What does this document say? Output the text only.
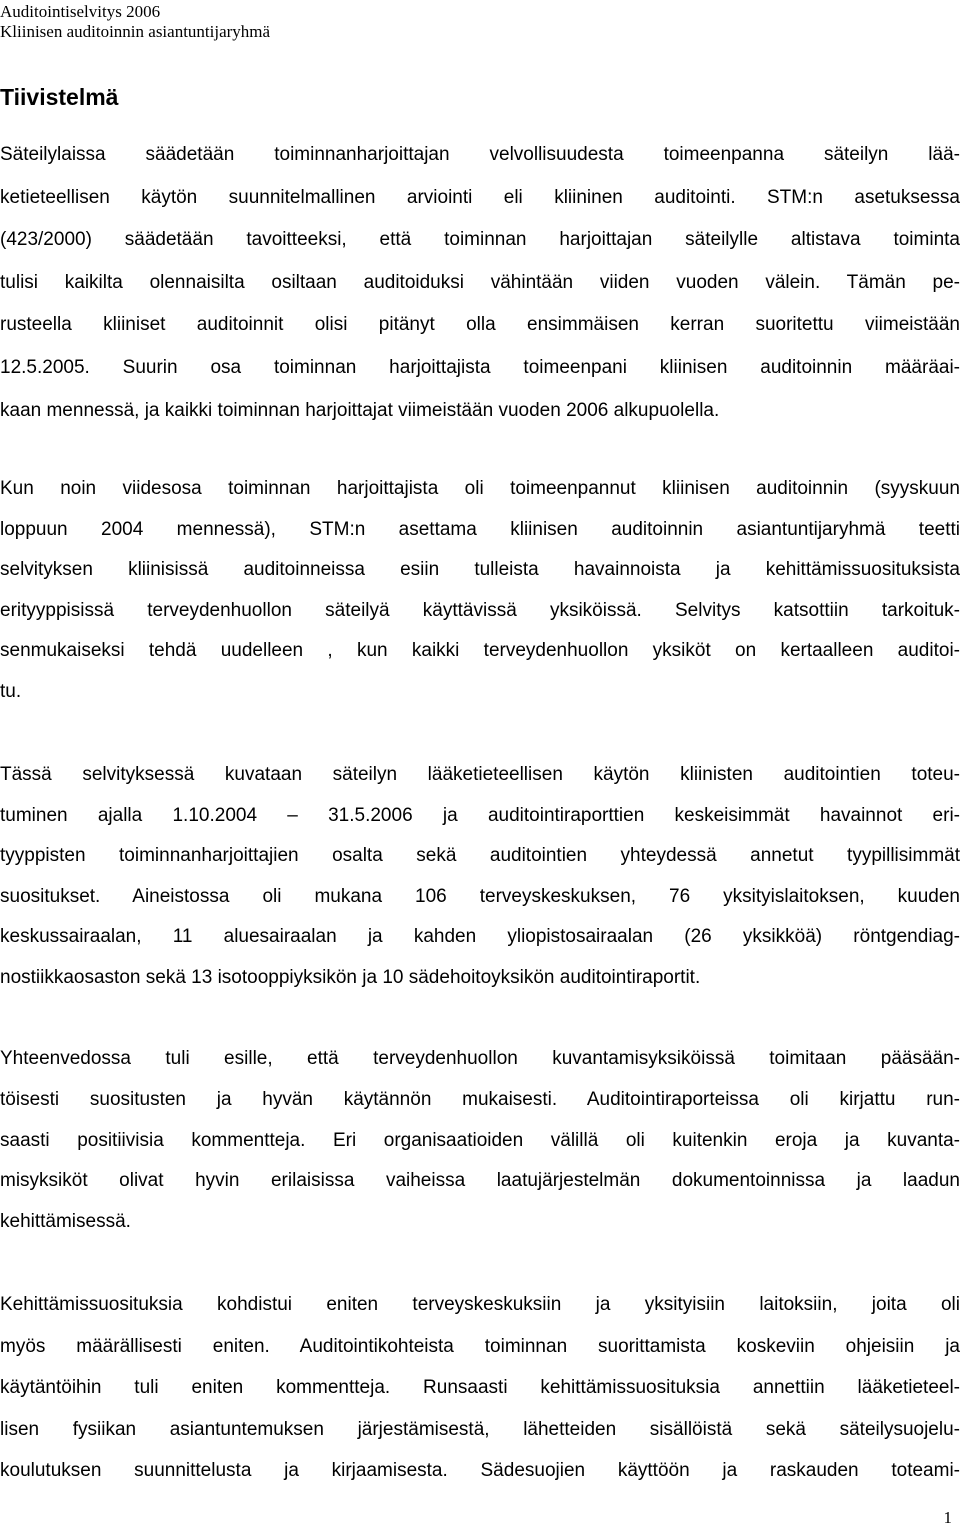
Auditointiselvitys 2006
Kliinisen auditoinnin asiantuntijaryhmä
Tiivistelmä
Säteilylaissa säädetään toiminnanharjoittajan velvollisuudesta toimeenpanna säteilyn lää-
ketieteellisen käytön suunnitelmallinen arviointi eli kliininen auditointi. STM:n asetuksessa
(423/2000) säädetään tavoitteeksi, että toiminnan harjoittajan säteilylle altistava toiminta
tulisi kaikilta olennaisilta osiltaan auditoiduksi vähintään viiden vuoden välein. Tämän pe-
rusteella kliiniset auditoinnit olisi pitänyt olla ensimmäisen kerran suoritettu viimeistään
12.5.2005. Suurin osa toiminnan harjoittajista toimeenpani kliinisen auditoinnin määräai-
kaan mennessä, ja kaikki toiminnan harjoittajat viimeistään vuoden 2006 alkupuolella.
Kun noin viidesosa toiminnan harjoittajista oli toimeenpannut kliinisen auditoinnin (syyskuun
loppuun 2004 mennessä), STM:n asettama kliinisen auditoinnin asiantuntijaryhmä teetti
selvityksen kliinisissä auditoinneissa esiin tulleista havainnoista ja kehittämissuosituksista
erityyppisissä terveydenhuollon säteilyä käyttävissä yksiköissä. Selvitys katsottiin tarkoituk-
senmukaiseksi tehdä uudelleen , kun kaikki terveydenhuollon yksiköt on kertaalleen auditoi-
tu.
Tässä selvityksessä kuvataan säteilyn lääketieteellisen käytön kliinisten auditointien toteu-
tuminen ajalla 1.10.2004 – 31.5.2006 ja auditointiraporttien keskeisimmät havainnot eri-
tyyppisten toiminnanharjoittajien osalta sekä auditointien yhteydessä annetut tyypillisimmät
suositukset. Aineistossa oli mukana 106 terveyskeskuksen, 76 yksityislaitoksen, kuuden
keskussairaalan, 11 aluesairaalan ja kahden yliopistosairaalan (26 yksikköä) röntgendiag-
nostiikkaosaston sekä 13 isotooppiyksikön ja 10 sädehoitoyksikön auditointiraportit.
Yhteenvedossa tuli esille, että terveydenhuollon kuvantamisyksiköissä toimitaan pääsään-
töisesti suositusten ja hyvän käytännön mukaisesti. Auditointiraporteissa oli kirjattu run-
saasti positiivisia kommentteja. Eri organisaatioiden välillä oli kuitenkin eroja ja kuvanta-
misyksiköt olivat hyvin erilaisissa vaiheissa laatujärjestelmän dokumentoinnissa ja laadun
kehittämisessä.
Kehittämissuosituksia kohdistui eniten terveyskeskuksiin ja yksityisiin laitoksiin, joita oli
myös määrällisesti eniten. Auditointikohteista toiminnan suorittamista koskeviin ohjeisiin ja
käytäntöihin tuli eniten kommentteja. Runsaasti kehittämissuosituksia annettiin lääketieteel-
lisen fysiikan asiantuntemuksen järjestämisestä, lähetteiden sisällöistä sekä säteilysuojelu-
koulutuksen suunnittelusta ja kirjaamisesta. Sädesuojien käyttöön ja raskauden toteami-
1
